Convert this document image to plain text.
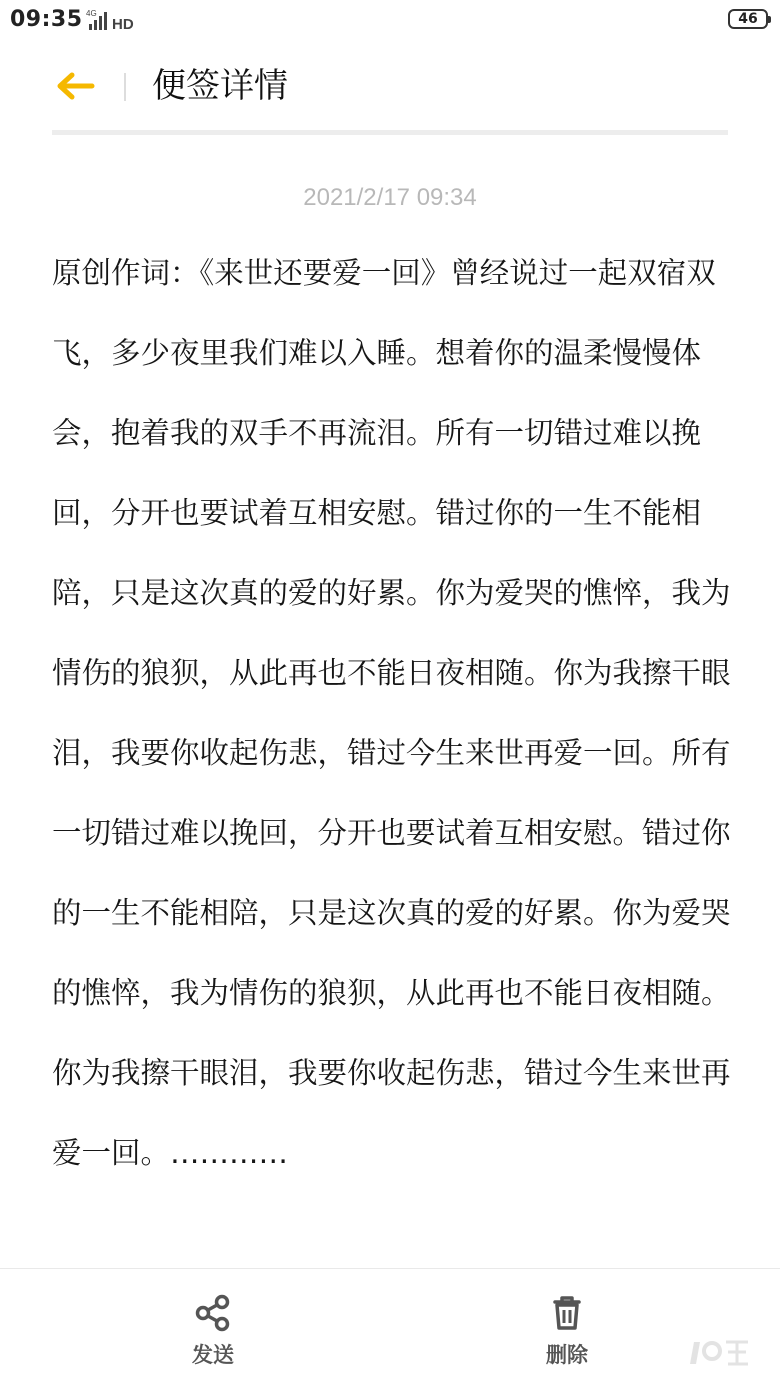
09:35 4G
HD	46
便签详情
2021/2/17 09:34

原创作词：《来世还要爱一回》曾经说过一起双宿双飞，多少夜里我们难以入睡。想着你的温柔慢慢体会，抱着我的双手不再流泪。所有一切错过难以挽回，分开也要试着互相安慰。错过你的一生不能相陪，只是这次真的爱的好累。你为爱哭的憔悴，我为情伤的狼狈，从此再也不能日夜相随。你为我擦干眼泪，我要你收起伤悲，错过今生来世再爱一回。所有一切错过难以挽回，分开也要试着互相安慰。错过你的一生不能相陪，只是这次真的爱的好累。你为爱哭的憔悴，我为情伤的狼狈，从此再也不能日夜相随。你为我擦干眼泪，我要你收起伤悲，错过今生来世再爱一回。…………

发送	删除
